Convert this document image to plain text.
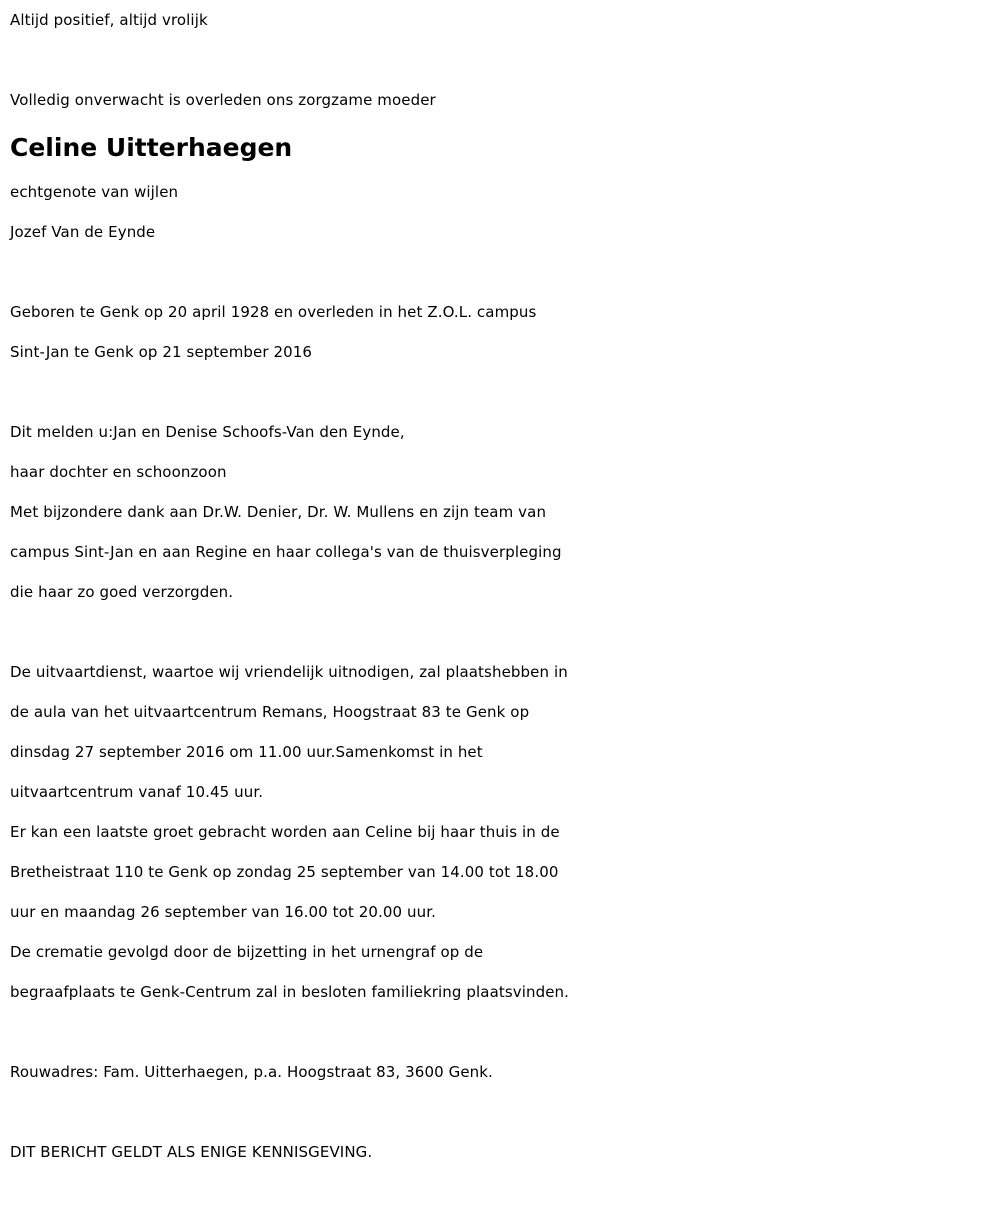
Altijd positief, altijd vrolijk
Volledig onverwacht is overleden ons zorgzame moeder
Celine Uitterhaegen
echtgenote van wijlen
Jozef Van de Eynde
Geboren te Genk op 20 april 1928 en overleden in het Z.O.L. campus
Sint-Jan te Genk op 21 september 2016
Dit melden u:Jan en Denise Schoofs-Van den Eynde,
haar dochter en schoonzoon
Met bijzondere dank aan Dr.W. Denier, Dr. W. Mullens en zijn team van
campus Sint-Jan en aan Regine en haar collega's van de thuisverpleging
die haar zo goed verzorgden.
De uitvaartdienst, waartoe wij vriendelijk uitnodigen, zal plaatshebben in
de aula van het uitvaartcentrum Remans, Hoogstraat 83 te Genk op
dinsdag 27 september 2016 om 11.00 uur.Samenkomst in het
uitvaartcentrum vanaf 10.45 uur.
Er kan een laatste groet gebracht worden aan Celine bij haar thuis in de
Bretheistraat 110 te Genk op zondag 25 september van 14.00 tot 18.00
uur en maandag 26 september van 16.00 tot 20.00 uur.
De crematie gevolgd door de bijzetting in het urnengraf op de
begraafplaats te Genk-Centrum zal in besloten familiekring plaatsvinden.
Rouwadres: Fam. Uitterhaegen, p.a. Hoogstraat 83, 3600 Genk.
DIT BERICHT GELDT ALS ENIGE KENNISGEVING.
